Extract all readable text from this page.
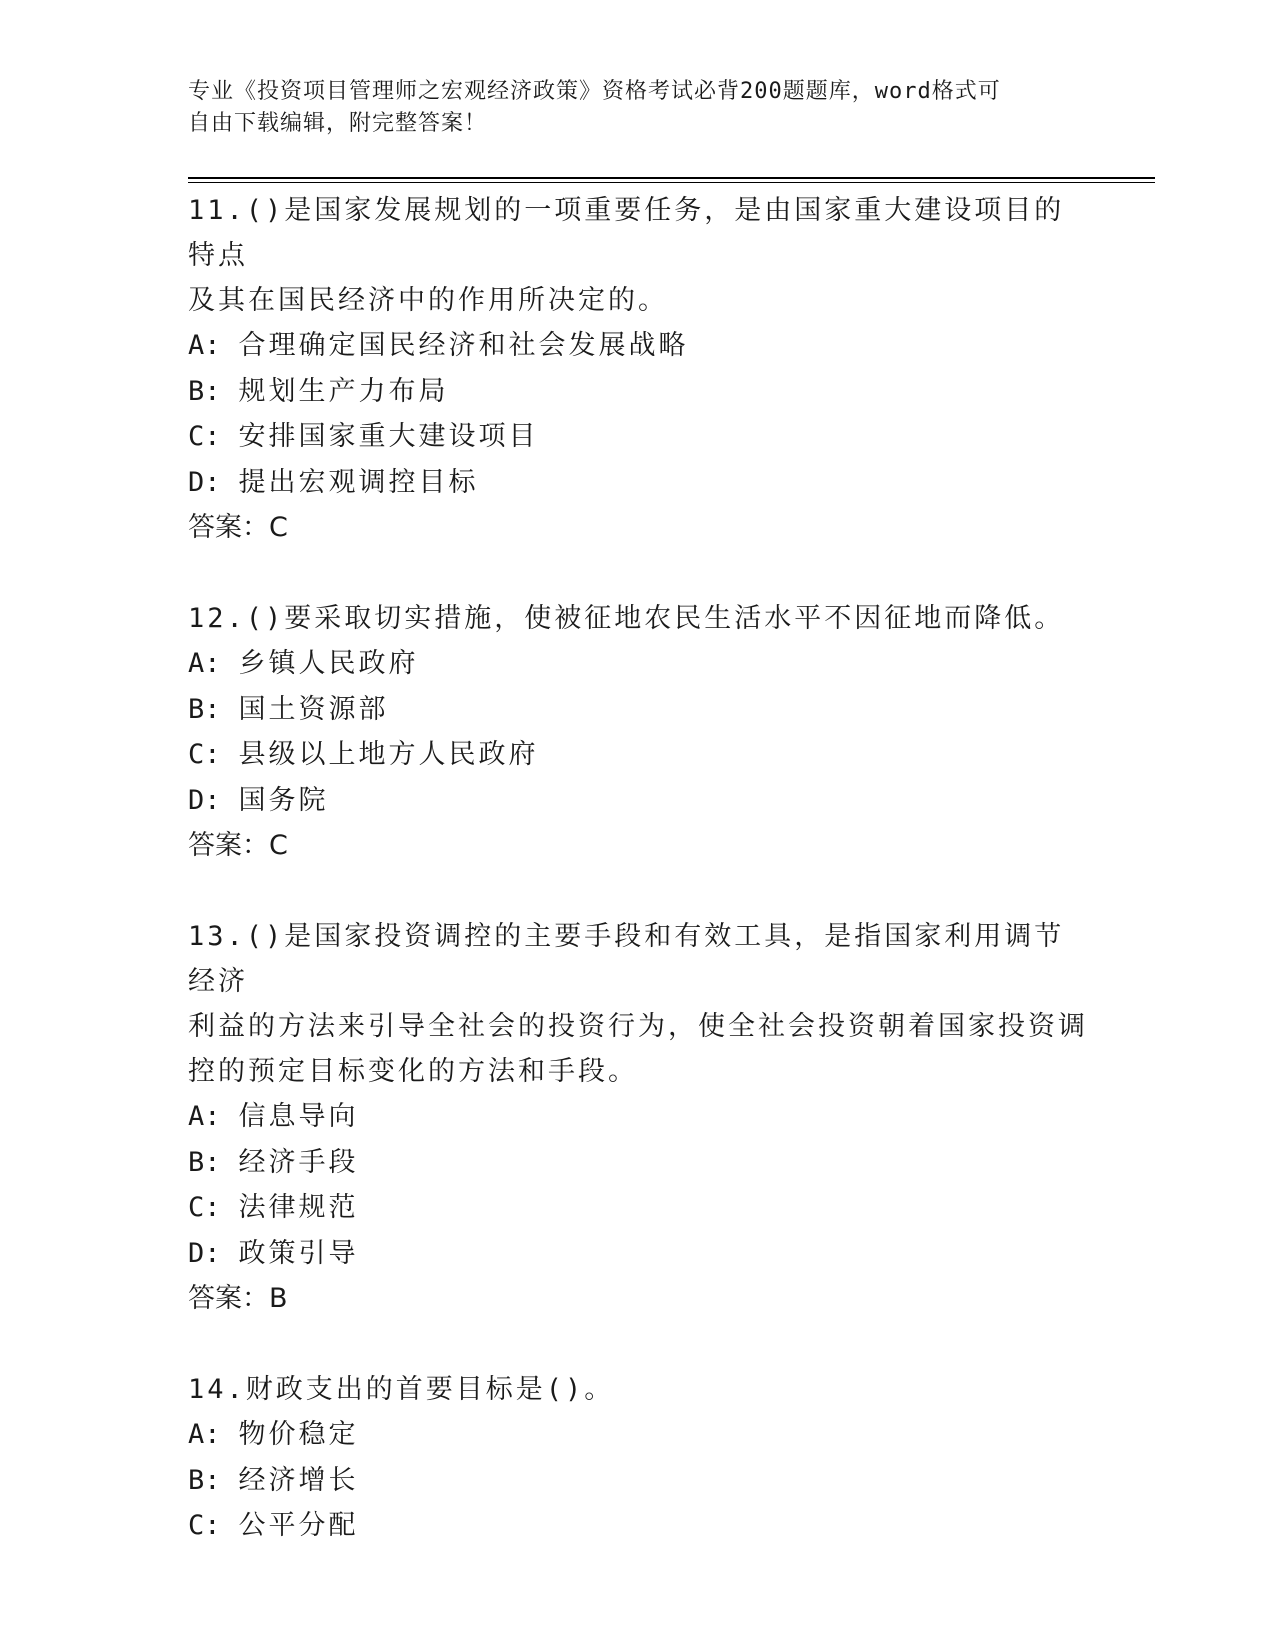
专业《投资项目管理师之宏观经济政策》资格考试必背200题题库，word格式可
自由下载编辑，附完整答案！

11.()是国家发展规划的一项重要任务，是由国家重大建设项目的特点

及其在国民经济中的作用所决定的。

A: 合理确定国民经济和社会发展战略

B: 规划生产力布局

C: 安排国家重大建设项目

D: 提出宏观调控目标

答案：C

12.()要采取切实措施，使被征地农民生活水平不因征地而降低。

A: 乡镇人民政府

B: 国土资源部

C: 县级以上地方人民政府

D: 国务院

答案：C

13.()是国家投资调控的主要手段和有效工具，是指国家利用调节经济

利益的方法来引导全社会的投资行为，使全社会投资朝着国家投资调

控的预定目标变化的方法和手段。

A: 信息导向

B: 经济手段

C: 法律规范

D: 政策引导

答案：B

14.财政支出的首要目标是()。

A: 物价稳定

B: 经济增长

C: 公平分配
